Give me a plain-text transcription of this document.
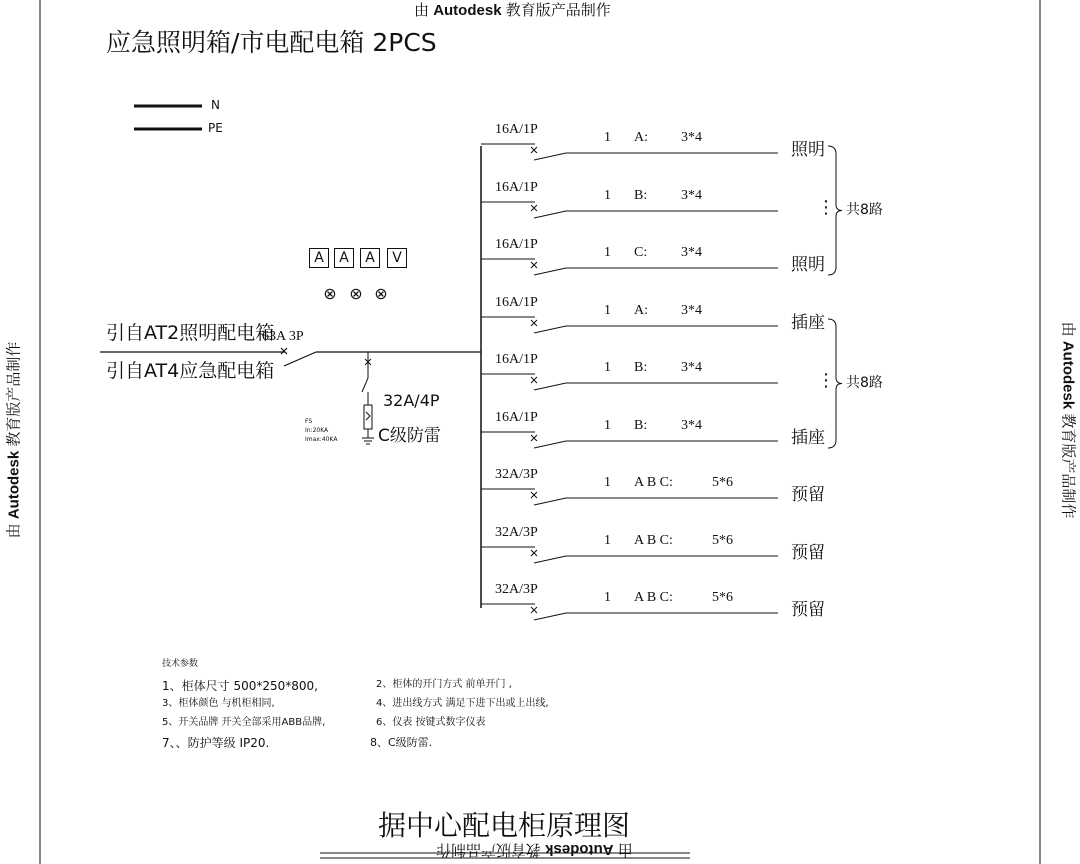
由 Autodesk 教育版产品制作
由 Autodesk 教育版产品制作
由 Autodesk 教育版产品制作
由 Autodesk 教育版产品制作
应急照明箱/市电配电箱 2PCS
N
PE
A	A	A	V
⊗ ⊗ ⊗
引自AT2照明配电箱
引自AT4应急配电箱
63A 3P
32A/4P
C级防雷
FS
In:20KA
Imax:40KA
16A/1P
1 A: 3*4
照明
16A/1P
1 B: 3*4
16A/1P
1 C: 3*4
照明
16A/1P
1 A: 3*4
插座
16A/1P
1 B: 3*4
16A/1P
1 B: 3*4
插座
32A/3P
1 A B C:	5*6
预留
32A/3P
1 A B C:	5*6
预留
32A/3P
1 A B C:	5*6
预留
⋮ 共8路
⋮ 共8路
技术参数
1、柜体尺寸 500*250*800,	2、柜体的开门方式 前单开门 ,
3、柜体颜色 与机柜相同,	4、进出线方式 满足下进下出或上出线,
5、开关品牌 开关全部采用ABB品牌,	6、仪表 按键式数字仪表
7、、防护等级 IP20.	8、C级防雷.
据中心配电柜原理图
